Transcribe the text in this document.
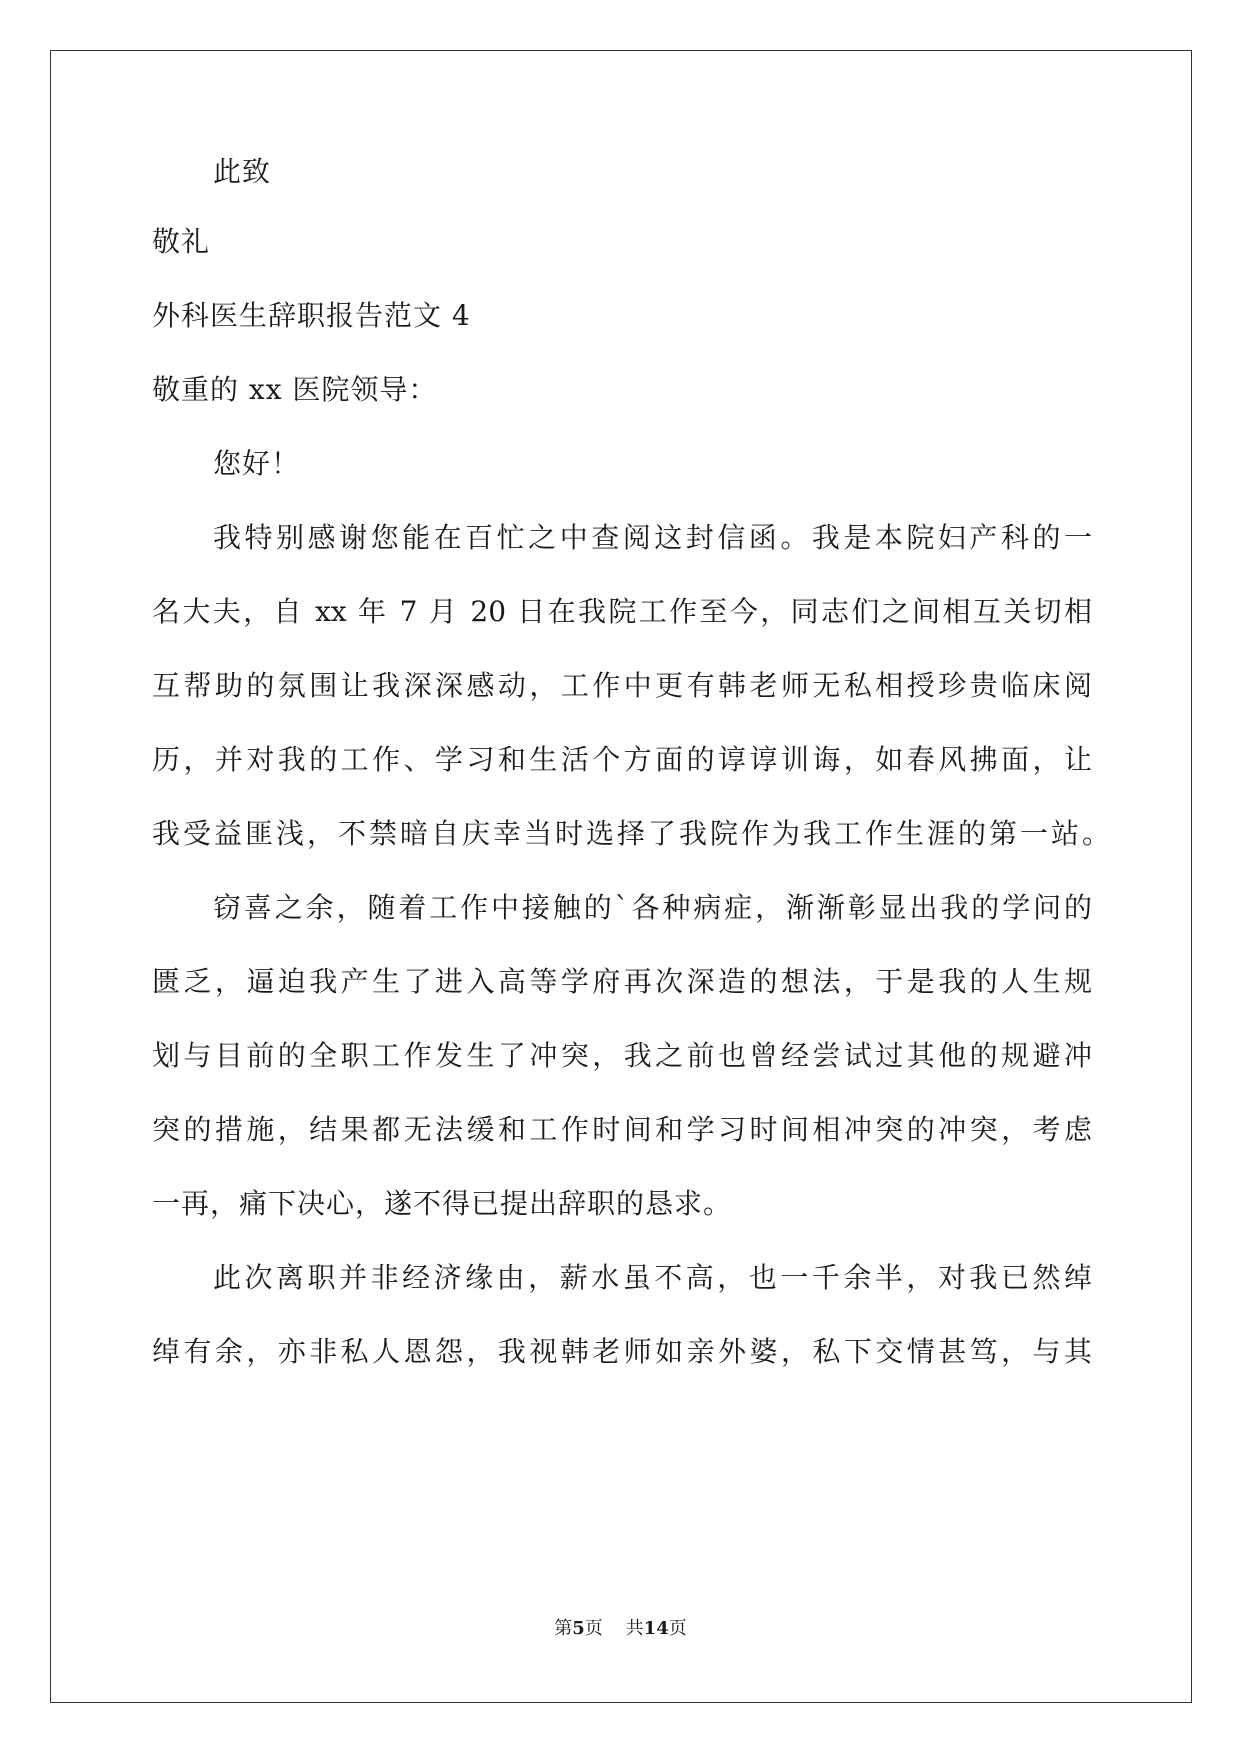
此致
敬礼
外科医生辞职报告范文 4
敬重的 xx 医院领导：
您好！
我特别感谢您能在百忙之中查阅这封信函。我是本院妇产科的一
名大夫，自 xx 年 7 月 20 日在我院工作至今，同志们之间相互关切相
互帮助的氛围让我深深感动，工作中更有韩老师无私相授珍贵临床阅
历，并对我的工作、学习和生活个方面的谆谆训诲，如春风拂面，让
我受益匪浅，不禁暗自庆幸当时选择了我院作为我工作生涯的第一站。
窃喜之余，随着工作中接触的`各种病症，渐渐彰显出我的学问的
匮乏，逼迫我产生了进入高等学府再次深造的想法，于是我的人生规
划与目前的全职工作发生了冲突，我之前也曾经尝试过其他的规避冲
突的措施，结果都无法缓和工作时间和学习时间相冲突的冲突，考虑
一再，痛下决心，遂不得已提出辞职的恳求。
此次离职并非经济缘由，薪水虽不高，也一千余半，对我已然绰
绰有余，亦非私人恩怨，我视韩老师如亲外婆，私下交情甚笃，与其
第5页 共14页
